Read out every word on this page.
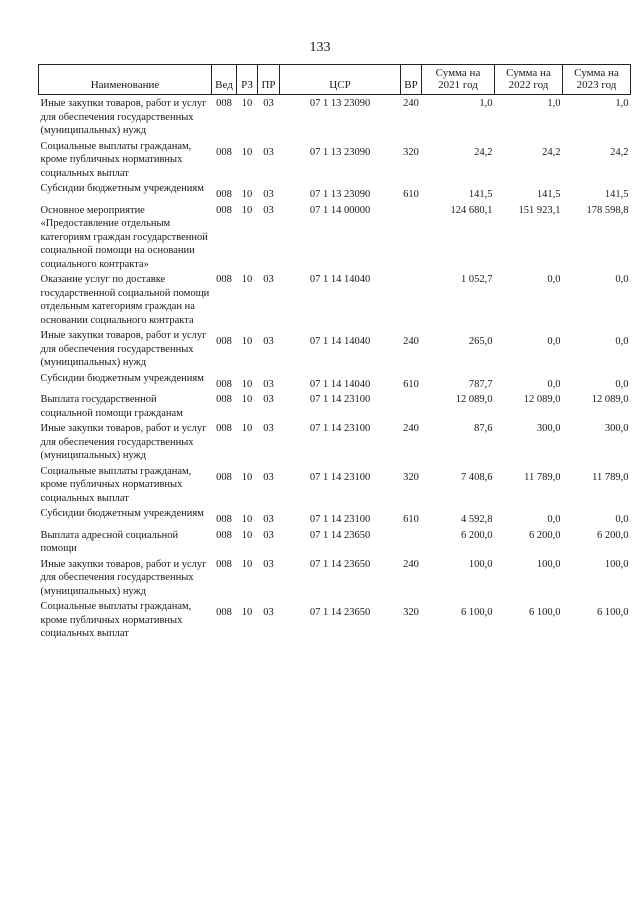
133
Наименование	Вед	РЗ	ПР	ЦСР	ВР	Сумма на 2021 год	Сумма на 2022 год	Сумма на 2023 год
Иные закупки товаров, работ и услуг для обеспечения государственных (муниципальных) нужд	008	10	03	07 1 13 23090	240	1,0	1,0	1,0
Социальные выплаты гражданам, кроме публичных нормативных социальных выплат	008	10	03	07 1 13 23090	320	24,2	24,2	24,2
Субсидии бюджетным учреждениям	008	10	03	07 1 13 23090	610	141,5	141,5	141,5
Основное мероприятие «Предоставление отдельным категориям граждан государственной социальной помощи на основании социального контракта»	008	10	03	07 1 14 00000		124 680,1	151 923,1	178 598,8
Оказание услуг по доставке государственной социальной помощи отдельным категориям граждан на основании социального контракта	008	10	03	07 1 14 14040		1 052,7	0,0	0,0
Иные закупки товаров, работ и услуг для обеспечения государственных (муниципальных) нужд	008	10	03	07 1 14 14040	240	265,0	0,0	0,0
Субсидии бюджетным учреждениям	008	10	03	07 1 14 14040	610	787,7	0,0	0,0
Выплата государственной социальной помощи гражданам	008	10	03	07 1 14 23100		12 089,0	12 089,0	12 089,0
Иные закупки товаров, работ и услуг для обеспечения государственных (муниципальных) нужд	008	10	03	07 1 14 23100	240	87,6	300,0	300,0
Социальные выплаты гражданам, кроме публичных нормативных социальных выплат	008	10	03	07 1 14 23100	320	7 408,6	11 789,0	11 789,0
Субсидии бюджетным учреждениям	008	10	03	07 1 14 23100	610	4 592,8	0,0	0,0
Выплата адресной социальной помощи	008	10	03	07 1 14 23650		6 200,0	6 200,0	6 200,0
Иные закупки товаров, работ и услуг для обеспечения государственных (муниципальных) нужд	008	10	03	07 1 14 23650	240	100,0	100,0	100,0
Социальные выплаты гражданам, кроме публичных нормативных социальных выплат	008	10	03	07 1 14 23650	320	6 100,0	6 100,0	6 100,0
